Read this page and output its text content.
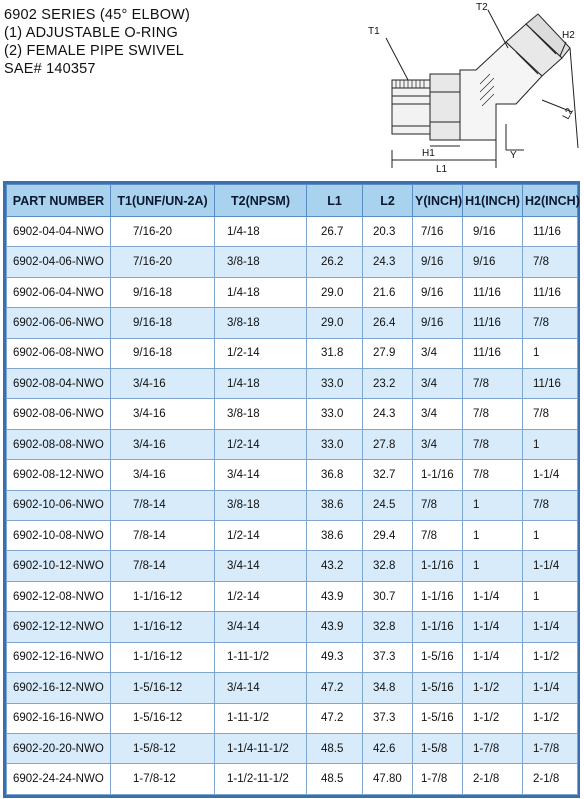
6902 SERIES (45° ELBOW)
(1) ADJUSTABLE O-RING
(2) FEMALE PIPE SWIVEL
SAE# 140357
T1
T2
H2
L2
H1
L1
Y
PART NUMBER	T1(UNF/UN-2A)	T2(NPSM)	L1	L2	Y(INCH)	H1(INCH)	H2(INCH)
6902-04-04-NWO	7/16-20	1/4-18	26.7	20.3	7/16	9/16	11/16
6902-04-06-NWO	7/16-20	3/8-18	26.2	24.3	9/16	9/16	7/8
6902-06-04-NWO	9/16-18	1/4-18	29.0	21.6	9/16	11/16	11/16
6902-06-06-NWO	9/16-18	3/8-18	29.0	26.4	9/16	11/16	7/8
6902-06-08-NWO	9/16-18	1/2-14	31.8	27.9	3/4	11/16	1
6902-08-04-NWO	3/4-16	1/4-18	33.0	23.2	3/4	7/8	11/16
6902-08-06-NWO	3/4-16	3/8-18	33.0	24.3	3/4	7/8	7/8
6902-08-08-NWO	3/4-16	1/2-14	33.0	27.8	3/4	7/8	1
6902-08-12-NWO	3/4-16	3/4-14	36.8	32.7	1-1/16	7/8	1-1/4
6902-10-06-NWO	7/8-14	3/8-18	38.6	24.5	7/8	1	7/8
6902-10-08-NWO	7/8-14	1/2-14	38.6	29.4	7/8	1	1
6902-10-12-NWO	7/8-14	3/4-14	43.2	32.8	1-1/16	1	1-1/4
6902-12-08-NWO	1-1/16-12	1/2-14	43.9	30.7	1-1/16	1-1/4	1
6902-12-12-NWO	1-1/16-12	3/4-14	43.9	32.8	1-1/16	1-1/4	1-1/4
6902-12-16-NWO	1-1/16-12	1-11-1/2	49.3	37.3	1-5/16	1-1/4	1-1/2
6902-16-12-NWO	1-5/16-12	3/4-14	47.2	34.8	1-5/16	1-1/2	1-1/4
6902-16-16-NWO	1-5/16-12	1-11-1/2	47.2	37.3	1-5/16	1-1/2	1-1/2
6902-20-20-NWO	1-5/8-12	1-1/4-11-1/2	48.5	42.6	1-5/8	1-7/8	1-7/8
6902-24-24-NWO	1-7/8-12	1-1/2-11-1/2	48.5	47.80	1-7/8	2-1/8	2-1/8
